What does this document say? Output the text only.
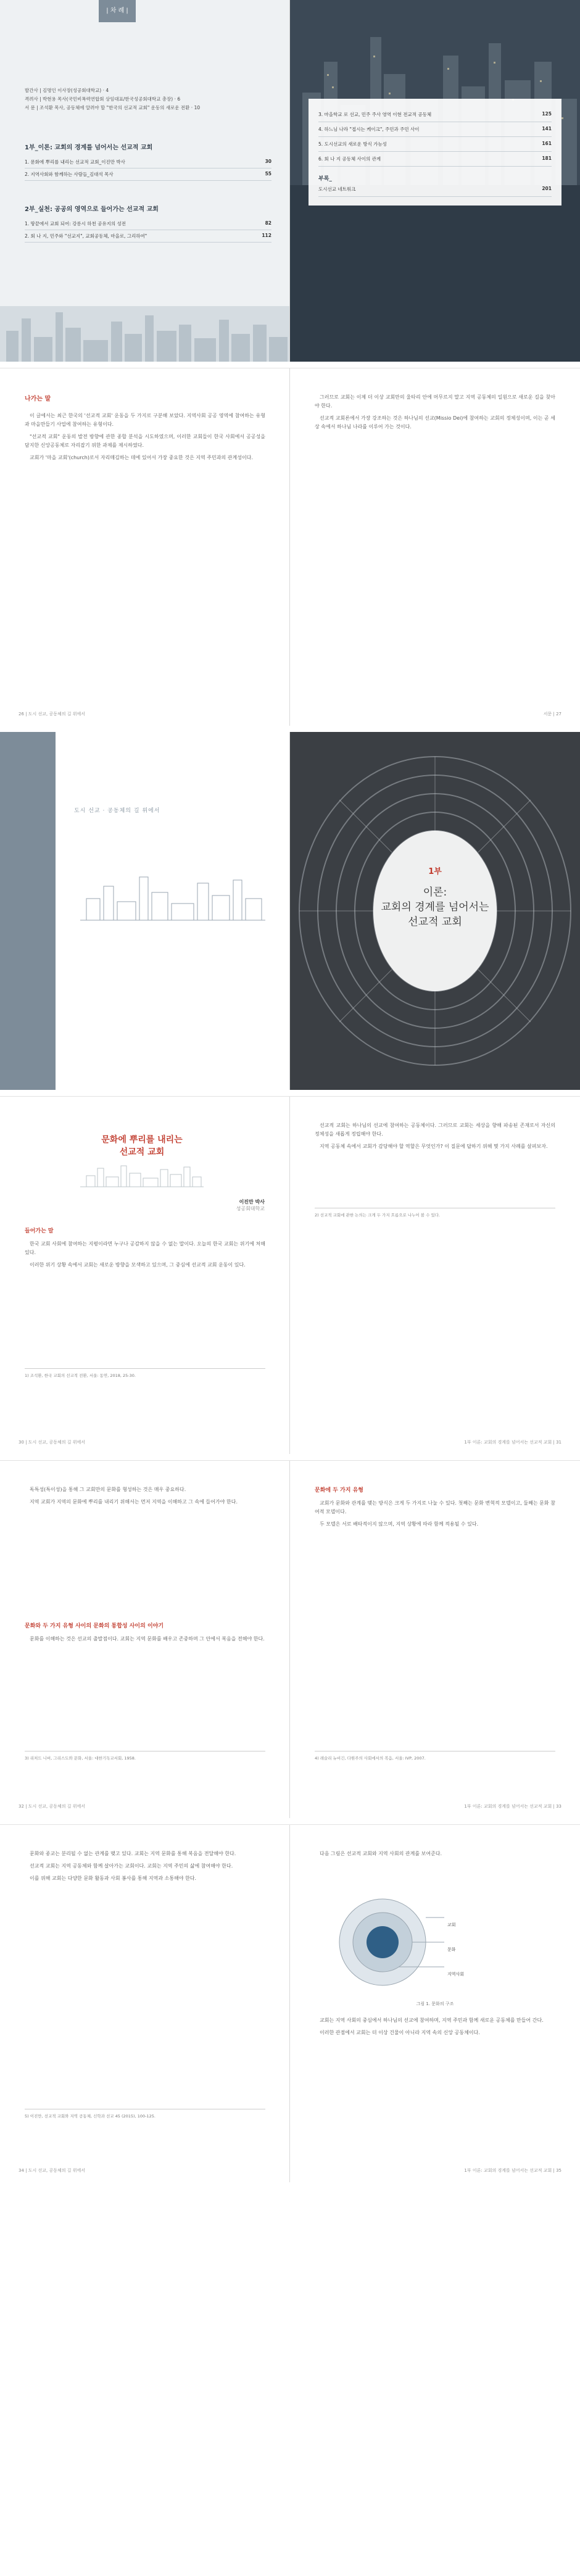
| 차 례 |
발간사 | 김명인 이사장(성공회대학교) · 4
격려사 | 박현용 목사(국민비폭력연합회 상임대표/한국성공회대학교 총장) · 6
서 문 | 조석환 목사, 공동체에 알려야 할 "한국의 선교적 교회" 운동의 새로운 전환 · 10
1부_이론: 교회의 경계를 넘어서는 선교적 교회
1. 문화에 뿌리를 내리는 선교적 교회_이진만 박사	30
2. 지역사회와 함께하는 사람들_김대석 목사	55
2부_실천: 공공의 영역으로 들어가는 선교적 교회
1. 땅끝에서 교회 되어: 강릉시 하천 공유지의 성전	82
2. 회 나 지, 민주와 "선교지", 교회공동체, 마을로, 그리하여"	112
3. 마을학교 로 선교, 민주 주사 영역 이현 전교적 공동체	125
4. 하느님 나라 "접시는 케이크", 주민과 주민 사이	141
5. 도시선교의 새로운 방식 가능성	161
6. 회 나 지 공동체 사이의 관계	181
부록_
도시선교 네트워크	201
나가는 말

이 글에서는 최근 한국의 '선교적 교회' 운동을 두 가지로 구분해 보았다. 지역사회 공공 영역에 참여하는 유형과 마을만들기 사업에 참여하는 유형이다.

"선교적 교회" 운동의 발전 방향에 관한 종합 분석을 시도하였으며, 이러한 교회들이 한국 사회에서 공공성을 담지한 신앙공동체로 자리잡기 위한 과제를 제시하였다.

교회가 '마을 교회'(church)로서 자리매김하는 데에 있어서 가장 중요한 것은 지역 주민과의 관계성이다.

26 | 도시 선교, 공동체의 길 위에서

그러므로 교회는 이제 더 이상 교회만의 울타리 안에 머무르지 말고 지역 공동체의 일원으로 새로운 길을 찾아야 한다.

선교적 교회론에서 가장 강조하는 것은 하나님의 선교(Missio Dei)에 참여하는 교회의 정체성이며, 이는 곧 세상 속에서 하나님 나라를 이루어 가는 것이다.

서문 | 27
도시 선교 · 공동체의 길 위에서
1부
이론:
교회의 경계를 넘어서는
선교적 교회
문화에 뿌리를 내리는
선교적 교회
이진만 박사
성공회대학교
들어가는 말

한국 교회 사회에 참여하는 지평이라면 누구나 공감하지 않을 수 없는 말이다. 오늘의 한국 교회는 위기에 처해 있다.

이러한 위기 상황 속에서 교회는 새로운 방향을 모색하고 있으며, 그 중심에 선교적 교회 운동이 있다.

1) 조석환, 한국 교회의 선교적 전환, 서울: 동연, 2018, 25-30.
30 | 도시 선교, 공동체의 길 위에서

선교적 교회는 하나님의 선교에 참여하는 공동체이다. 그러므로 교회는 세상을 향해 파송된 존재로서 자신의 정체성을 새롭게 정립해야 한다.

지역 공동체 속에서 교회가 감당해야 할 역할은 무엇인가? 이 질문에 답하기 위해 몇 가지 사례를 살펴보자.

2) 선교적 교회에 관한 논의는 크게 두 가지 흐름으로 나누어 볼 수 있다.
1부 이론: 교회의 경계를 넘어서는 선교적 교회 | 31

독특성(특이성)을 통해 그 교회만의 문화를 형성하는 것은 매우 중요하다.

지역 교회가 지역의 문화에 뿌리를 내리기 위해서는 먼저 지역을 이해하고 그 속에 들어가야 한다.

문화와 두 가지 유형 사이의 문화의 통합성 사이의 이야기

문화를 이해하는 것은 선교의 출발점이다. 교회는 지역 문화를 배우고 존중하며 그 안에서 복음을 전해야 한다.

3) 리처드 니버, 그리스도와 문화, 서울: 대한기독교서회, 1958.
32 | 도시 선교, 공동체의 길 위에서
문화에 두 가지 유형

교회가 문화와 관계를 맺는 방식은 크게 두 가지로 나눌 수 있다. 첫째는 문화 변혁적 모델이고, 둘째는 문화 참여적 모델이다.

두 모델은 서로 배타적이지 않으며, 지역 상황에 따라 함께 적용될 수 있다.

4) 레슬리 뉴비긴, 다원주의 사회에서의 복음, 서울: IVP, 2007.
1부 이론: 교회의 경계를 넘어서는 선교적 교회 | 33

문화와 종교는 분리될 수 없는 관계를 맺고 있다. 교회는 지역 문화를 통해 복음을 전달해야 한다.

선교적 교회는 지역 공동체와 함께 살아가는 교회이다. 교회는 지역 주민의 삶에 참여해야 한다.

이를 위해 교회는 다양한 문화 활동과 사회 봉사를 통해 지역과 소통해야 한다.

5) 이진만, 선교적 교회와 지역 공동체, 신학과 선교 45 (2015), 100-125.
34 | 도시 선교, 공동체의 길 위에서

다음 그림은 선교적 교회와 지역 사회의 관계를 보여준다.

교회
문화
지역사회
그림 1. 문화의 구조

교회는 지역 사회의 중심에서 하나님의 선교에 참여하며, 지역 주민과 함께 새로운 공동체를 만들어 간다.

이러한 관점에서 교회는 더 이상 건물이 아니라 지역 속의 신앙 공동체이다.

1부 이론: 교회의 경계를 넘어서는 선교적 교회 | 35
